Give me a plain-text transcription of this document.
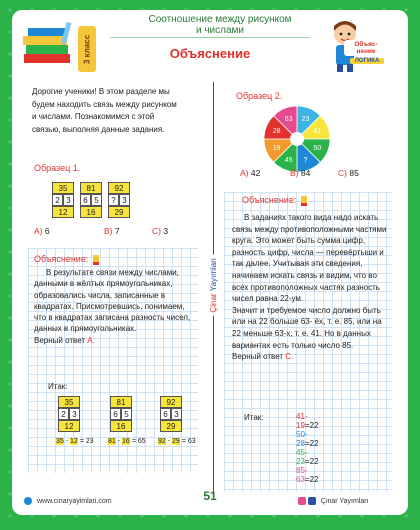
3 класс
Соотношение между рисунком
и числами
Объяснение
Объяс-
нение
ЛОГИКА
Дорогие ученики! В этом разделе мы будем находить связь между рисунком и числами. Познакомимся с этой связью, выполняя данные задания.
Образец 1.
35
2 3
12
81
6 5
16
92
? 3
29
A) 6	B) 7	C) 3
Объяснение:
В результате связи между числами, данными в жёлтых прямоугольниках, образовались числа, записанные в квадратах. Присмотревшись, понимаем, что в квадратах записана разность чисел, данных в прямоугольниках.
Верный ответ A.
Итак:
35
2 3
12
35 - 12 = 23
81
6 5
16
81 - 16 = 65
92
6 3
29
92 - 29 = 63
Çinar Yayımları
Образец 2.
23
41
50
?
45
19
28
63
A) 42	B) 84	C) 85
Объяснение:
В заданиях такого вида надо искать связь между противоположными частями круга. Это может быть сумма цифр, разность цифр, числа — перевёртыши и так далее. Учитывая эти сведения, начинаем искать связь и видим, что во всех противоположных частях разность чисел равна 22-ум.
Значит и требуемое число должно быть или на 22 больше 63- ёх, т. е. 85, или на 22 меньше 63-х, т. е. 41. Но в данных вариантах есть только число 85.
Верный ответ C.
Итак:	41-19=22
50-28=22
45-23=22
85-63=22
www.cinaryayimlari.com	51	Çinar Yayımları
